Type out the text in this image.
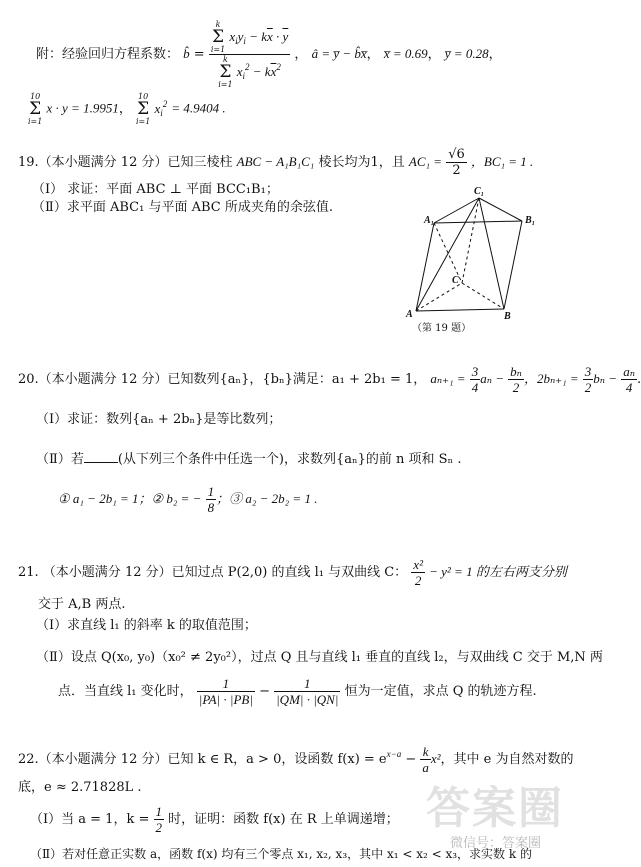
附：经验回归方程系数： b̂ = k
Σ
i=1
$x_iy_i - k\overline{x} \cdot \overline{y}$
k
Σ
i=1
$x_i^2 - k\overline{x}^2$ ， â = y̅ − b̂x̅， x̅ = 0.69， y̅ = 0.28，
10
Σ
i=1
x · y = 1.9951，
10
Σ
i=1
$x_i^2 = 4.9404$ .
19.（本小题满分 12 分）已知三棱柱 ABC − A₁B₁C₁ 棱长均为1，且 $AC_1 = \frac{√6}{2}$ ，BC₁ = 1 .
（Ⅰ） 求证：平面 ABC ⊥ 平面 BCC₁B₁；
（Ⅱ）求平面 ABC₁ 与平面 ABC 所成夹角的余弦值.
C₁
A₁	B₁
C
A	B
（第 19 题）
20.（本小题满分 12 分）已知数列{aₙ}，{bₙ}满足：a₁ + 2b₁ = 1， $a_{n+1} = \frac{3}{4}$ $a_n - \frac{\text{bₙ}}{2}$ ，$2b_{n+1} = \frac{3}{2}$ $b_n - \frac{\text{aₙ}}{4}$ .
（Ⅰ）求证：数列{aₙ + 2bₙ}是等比数列；
（Ⅱ）若	(从下列三个条件中任选一个)，求数列{aₙ}的前 n 项和 Sₙ .
① a₁ − 2b₁ = 1；② b₂ = − $\frac{1}{8}$ ；③ a₂ − 2b₂ = 1 .
21. （本小题满分 12 分）已知过点 P(2,0) 的直线 l₁ 与双曲线 C： $\frac{\text{x²}}{2} - y^2 = 1$ 的左右两支分别
交于 A,B 两点.
（Ⅰ）求直线 l₁ 的斜率 k 的取值范围；
（Ⅱ）设点 Q(x₀, y₀)（x₀² ≠ 2y₀²），过点 Q 且与直线 l₁ 垂直的直线 l₂，与双曲线 C 交于 M,N 两
点．当直线 l₁ 变化时， $\frac{1}{|PA| \cdot |PB|} - \frac{1}{|QM| \cdot |QN|}$ 恒为一定值，求点 Q 的轨迹方程.
22.（本小题满分 12 分）已知 k ∈ R，a > 0，设函数 $f(x) = e^{x-a} - \frac{k}{a} x^2$，其中 e 为自然对数的
底，e ≈ 2.71828L .
（Ⅰ）当 a = 1，$k = \frac{1}{2}$ 时，证明：函数 f(x) 在 R 上单调递增；
（Ⅱ）若对任意正实数 a，函数 f(x) 均有三个零点 x₁, x₂, x₃，其中 x₁ < x₂ < x₃，求实数 k 的
答案圈
微信号：答案圈
